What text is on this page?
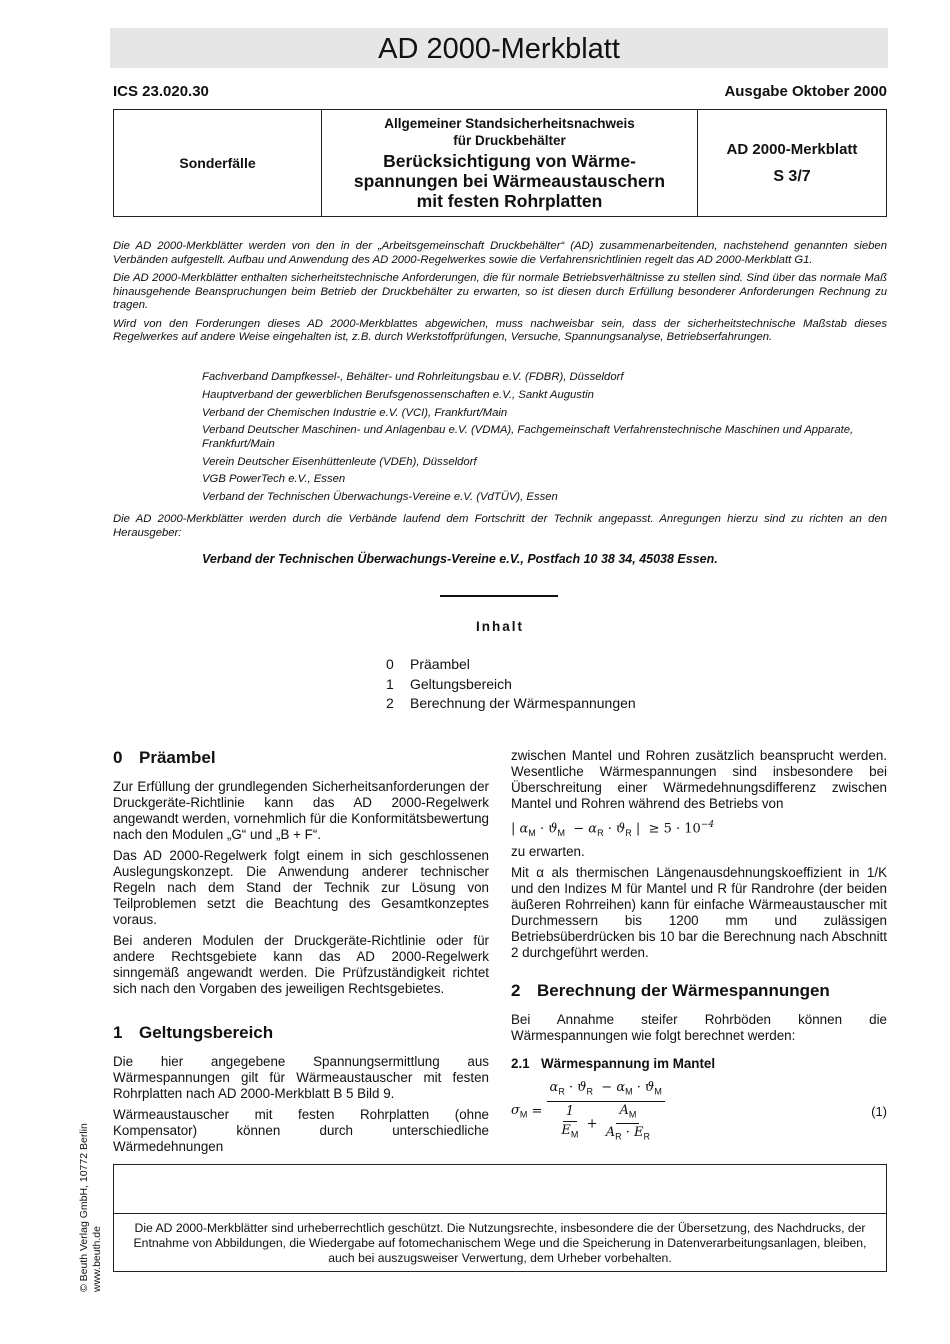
AD 2000-Merkblatt
ICS 23.020.30	Ausgabe Oktober 2000
Sonderfälle
Allgemeiner Standsicherheitsnachweis
für Druckbehälter
Berücksichtigung von Wärme-
spannungen bei Wärmeaustauschern
mit festen Rohrplatten
AD 2000-Merkblatt
S 3/7

Die AD 2000-Merkblätter werden von den in der „Arbeitsgemeinschaft Druckbehälter“ (AD) zusammenarbeitenden, nachstehend genannten sieben Verbänden aufgestellt. Aufbau und Anwendung des AD 2000-Regelwerkes sowie die Verfahrensrichtlinien regelt das AD 2000-Merkblatt G1.

Die AD 2000-Merkblätter enthalten sicherheitstechnische Anforderungen, die für normale Betriebsverhältnisse zu stellen sind. Sind über das normale Maß hinausgehende Beanspruchungen beim Betrieb der Druckbehälter zu erwarten, so ist diesen durch Erfüllung besonderer Anforderungen Rechnung zu tragen.

Wird von den Forderungen dieses AD 2000-Merkblattes abgewichen, muss nachweisbar sein, dass der sicherheitstechnische Maßstab dieses Regelwerkes auf andere Weise eingehalten ist, z.B. durch Werkstoffprüfungen, Versuche, Spannungsanalyse, Betriebserfahrungen.

Fachverband Dampfkessel-, Behälter- und Rohrleitungsbau e.V. (FDBR), Düsseldorf
Hauptverband der gewerblichen Berufsgenossenschaften e.V., Sankt Augustin
Verband der Chemischen Industrie e.V. (VCI), Frankfurt/Main
Verband Deutscher Maschinen- und Anlagenbau e.V. (VDMA), Fachgemeinschaft Verfahrenstechnische Maschinen und Apparate, Frankfurt/Main
Verein Deutscher Eisenhüttenleute (VDEh), Düsseldorf
VGB PowerTech e.V., Essen
Verband der Technischen Überwachungs-Vereine e.V. (VdTÜV), Essen
Die AD 2000-Merkblätter werden durch die Verbände laufend dem Fortschritt der Technik angepasst. Anregungen hierzu sind zu richten an den Herausgeber:
Verband der Technischen Überwachungs-Vereine e.V., Postfach 10 38 34, 45038 Essen.
Inhalt
0 Präambel
1 Geltungsbereich
2 Berechnung der Wärmespannungen
0 Präambel

Zur Erfüllung der grundlegenden Sicherheitsanforderungen der Druckgeräte-Richtlinie kann das AD 2000-Regelwerk angewandt werden, vornehmlich für die Konformitätsbewertung nach den Modulen „G“ und „B + F“.

Das AD 2000-Regelwerk folgt einem in sich geschlossenen Auslegungskonzept. Die Anwendung anderer technischer Regeln nach dem Stand der Technik zur Lösung von Teilproblemen setzt die Beachtung des Gesamtkonzeptes voraus.

Bei anderen Modulen der Druckgeräte-Richtlinie oder für andere Rechtsgebiete kann das AD 2000-Regelwerk sinngemäß angewandt werden. Die Prüfzuständigkeit richtet sich nach den Vorgaben des jeweiligen Rechtsgebietes.

1 Geltungsbereich

Die hier angegebene Spannungsermittlung aus Wärmespannungen gilt für Wärmeaustauscher mit festen Rohrplatten nach AD 2000-Merkblatt B 5 Bild 9.

Wärmeaustauscher mit festen Rohrplatten (ohne Kompensator) können durch unterschiedliche Wärmedehnungen

zwischen Mantel und Rohren zusätzlich beansprucht werden. Wesentliche Wärmespannungen sind insbesondere bei Überschreitung einer Wärmedehnungsdifferenz zwischen Mantel und Rohren während des Betriebs von

| $\alpha_M \cdot ϑ_M - \alpha_R \cdot ϑ_R$ |  ≥ $5 \cdot 10^{-4}$

zu erwarten.

Mit α als thermischen Längenausdehnungskoeffizient in 1/K und den Indizes M für Mantel und R für Randrohre (der beiden äußeren Rohrreihen) kann für einfache Wärmeaustauscher mit Durchmessern bis 1200 mm und zulässigen Betriebsüberdrücken bis 10 bar die Berechnung nach Abschnitt 2 durchgeführt werden.

2 Berechnung der Wärmespannungen

Bei Annahme steifer Rohrböden können die Wärmespannungen wie folgt berechnet werden:

2.1 Wärmespannung im Mantel
$\sigma_M = \frac{\alpha_R \cdot ϑ_R - \alpha_M \cdot ϑ_M}{\frac{1}{E_M} + \frac{A_M}{A_R \cdot E_R}}$	(1)
Die AD 2000-Merkblätter sind urheberrechtlich geschützt. Die Nutzungsrechte, insbesondere die der Übersetzung, des Nachdrucks, der Entnahme von Abbildungen, die Wiedergabe auf fotomechanischem Wege und die Speicherung in Datenverarbeitungsanlagen, bleiben, auch bei auszugsweiser Verwertung, dem Urheber vorbehalten.
© Beuth Verlag GmbH, 10772 Berlin www.beuth.de
